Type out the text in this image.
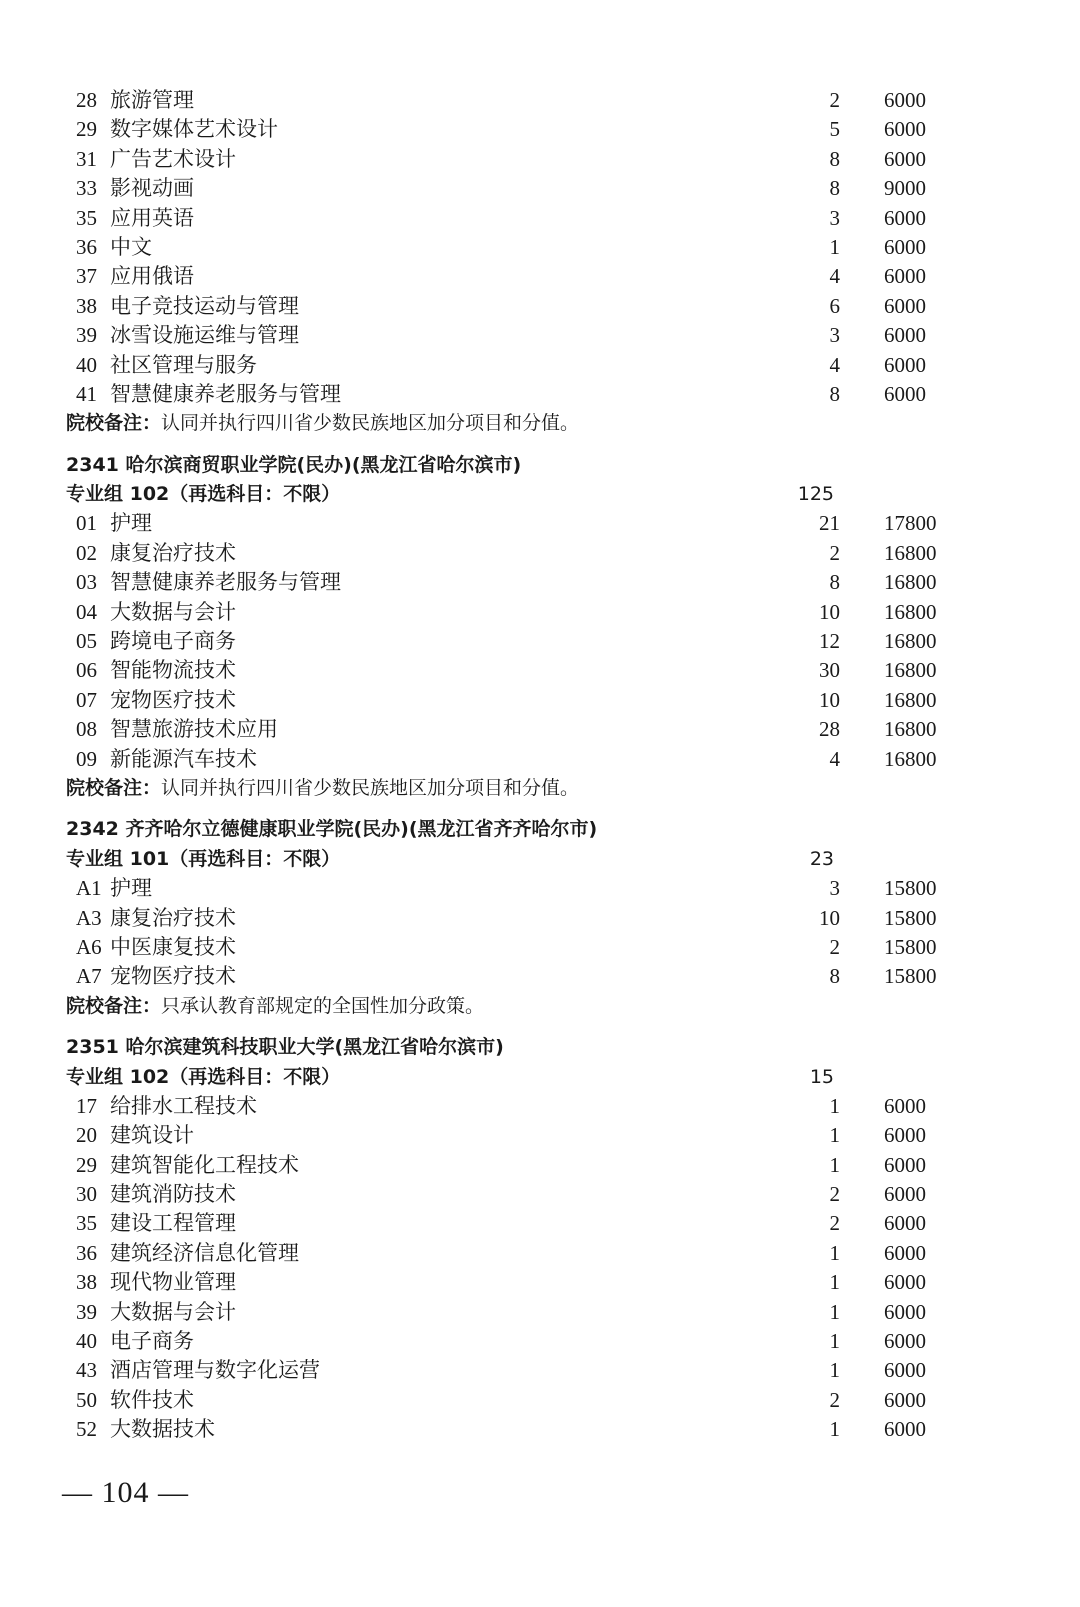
28 旅游管理	2 6000
29 数字媒体艺术设计	5 6000
31 广告艺术设计	8 6000
33 影视动画	8 9000
35 应用英语	3 6000
36 中文	1 6000
37 应用俄语	4 6000
38 电子竞技运动与管理	6 6000
39 冰雪设施运维与管理	3 6000
40 社区管理与服务	4 6000
41 智慧健康养老服务与管理	8 6000
院校备注：认同并执行四川省少数民族地区加分项目和分值。
2341 哈尔滨商贸职业学院(民办)(黑龙江省哈尔滨市)
专业组 102（再选科目：不限）	125
01 护理	21 17800
02 康复治疗技术	2 16800
03 智慧健康养老服务与管理	8 16800
04 大数据与会计	10 16800
05 跨境电子商务	12 16800
06 智能物流技术	30 16800
07 宠物医疗技术	10 16800
08 智慧旅游技术应用	28 16800
09 新能源汽车技术	4 16800
院校备注：认同并执行四川省少数民族地区加分项目和分值。
2342 齐齐哈尔立德健康职业学院(民办)(黑龙江省齐齐哈尔市)
专业组 101（再选科目：不限）	23
A1 护理	3 15800
A3 康复治疗技术	10 15800
A6 中医康复技术	2 15800
A7 宠物医疗技术	8 15800
院校备注：只承认教育部规定的全国性加分政策。
2351 哈尔滨建筑科技职业大学(黑龙江省哈尔滨市)
专业组 102（再选科目：不限）	15
17 给排水工程技术	1 6000
20 建筑设计	1 6000
29 建筑智能化工程技术	1 6000
30 建筑消防技术	2 6000
35 建设工程管理	2 6000
36 建筑经济信息化管理	1 6000
38 现代物业管理	1 6000
39 大数据与会计	1 6000
40 电子商务	1 6000
43 酒店管理与数字化运营	1 6000
50 软件技术	2 6000
52 大数据技术	1 6000
— 104 —
